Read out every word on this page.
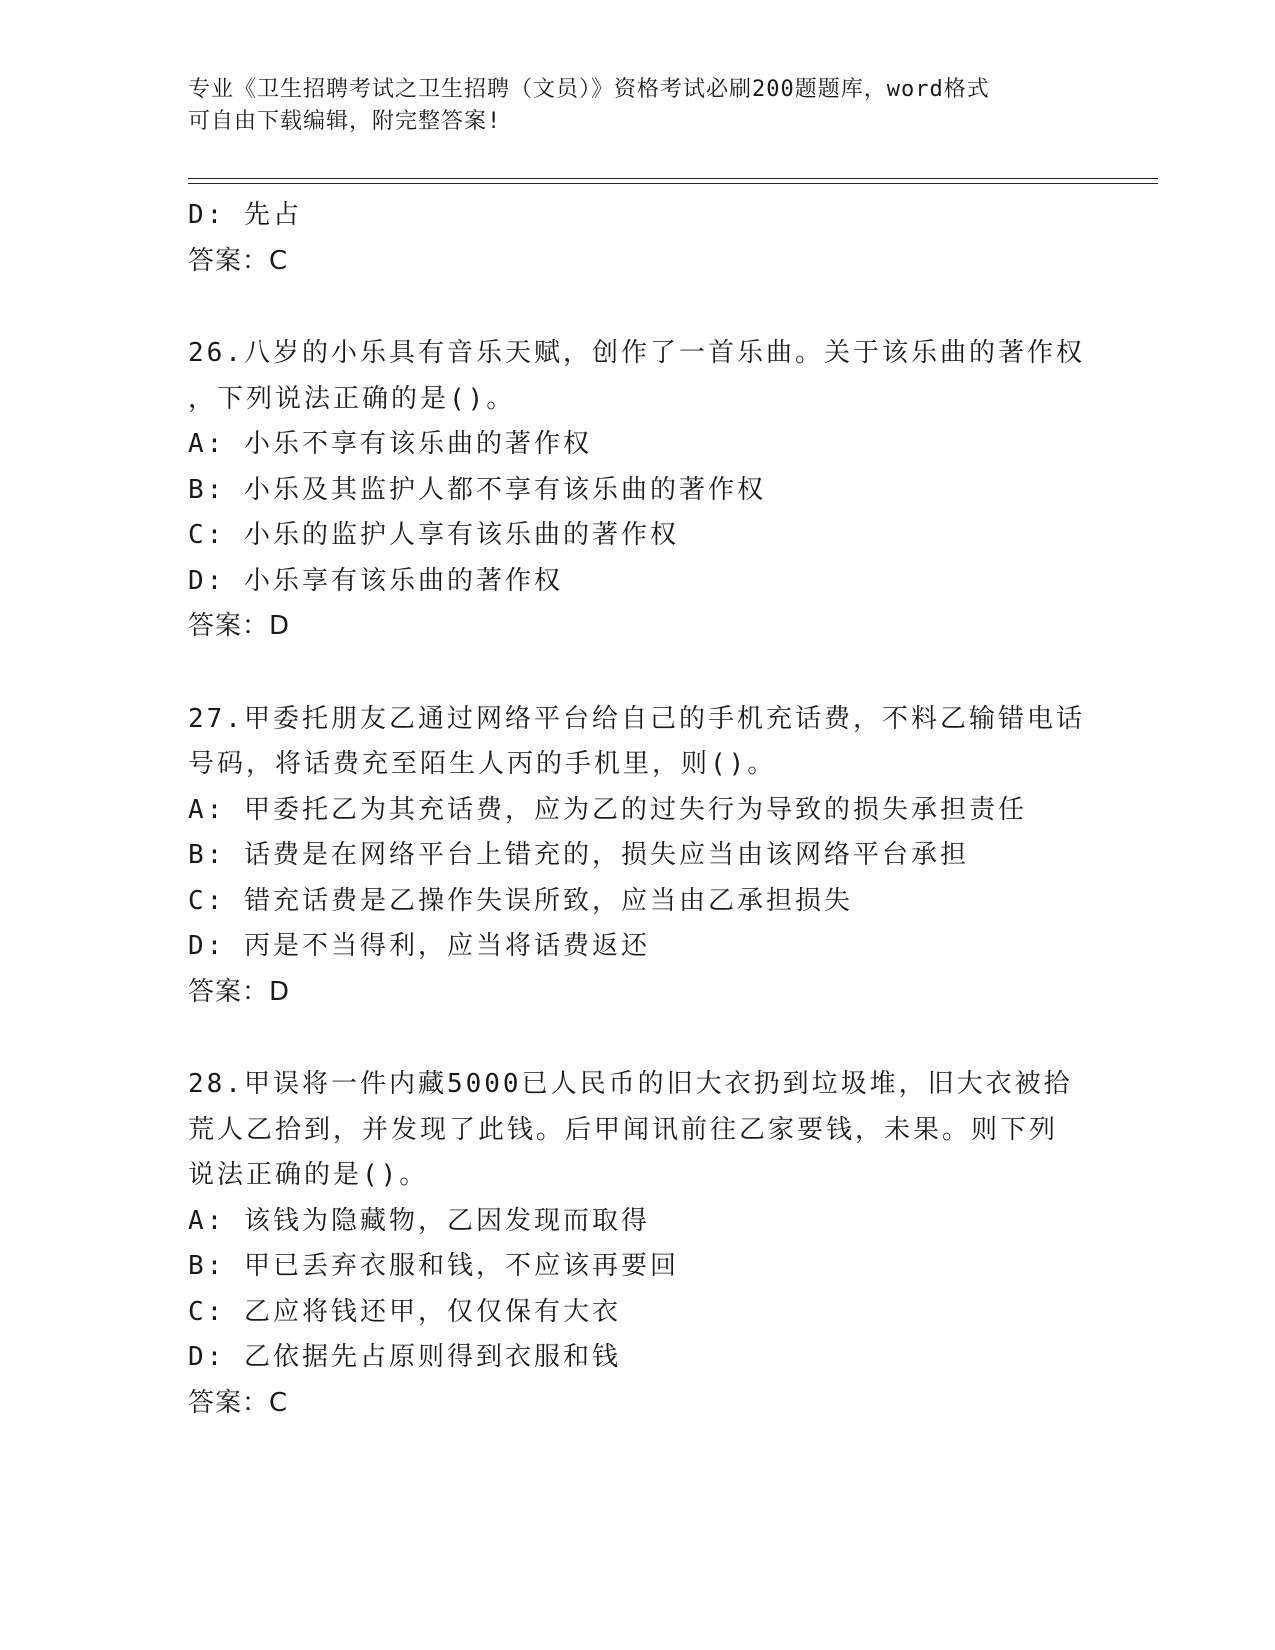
专业《卫生招聘考试之卫生招聘（文员）》资格考试必刷200题题库，word格式
可自由下载编辑，附完整答案!
D: 先占
答案：C
26.八岁的小乐具有音乐天赋，创作了一首乐曲。关于该乐曲的著作权
，下列说法正确的是()。
A: 小乐不享有该乐曲的著作权
B: 小乐及其监护人都不享有该乐曲的著作权
C: 小乐的监护人享有该乐曲的著作权
D: 小乐享有该乐曲的著作权
答案：D
27.甲委托朋友乙通过网络平台给自己的手机充话费，不料乙输错电话
号码，将话费充至陌生人丙的手机里，则()。
A: 甲委托乙为其充话费，应为乙的过失行为导致的损失承担责任
B: 话费是在网络平台上错充的，损失应当由该网络平台承担
C: 错充话费是乙操作失误所致，应当由乙承担损失
D: 丙是不当得利，应当将话费返还
答案：D
28.甲误将一件内藏5000已人民币的旧大衣扔到垃圾堆，旧大衣被拾
荒人乙拾到，并发现了此钱。后甲闻讯前往乙家要钱，未果。则下列
说法正确的是()。
A: 该钱为隐藏物，乙因发现而取得
B: 甲已丢弃衣服和钱，不应该再要回
C: 乙应将钱还甲，仅仅保有大衣
D: 乙依据先占原则得到衣服和钱
答案：C
